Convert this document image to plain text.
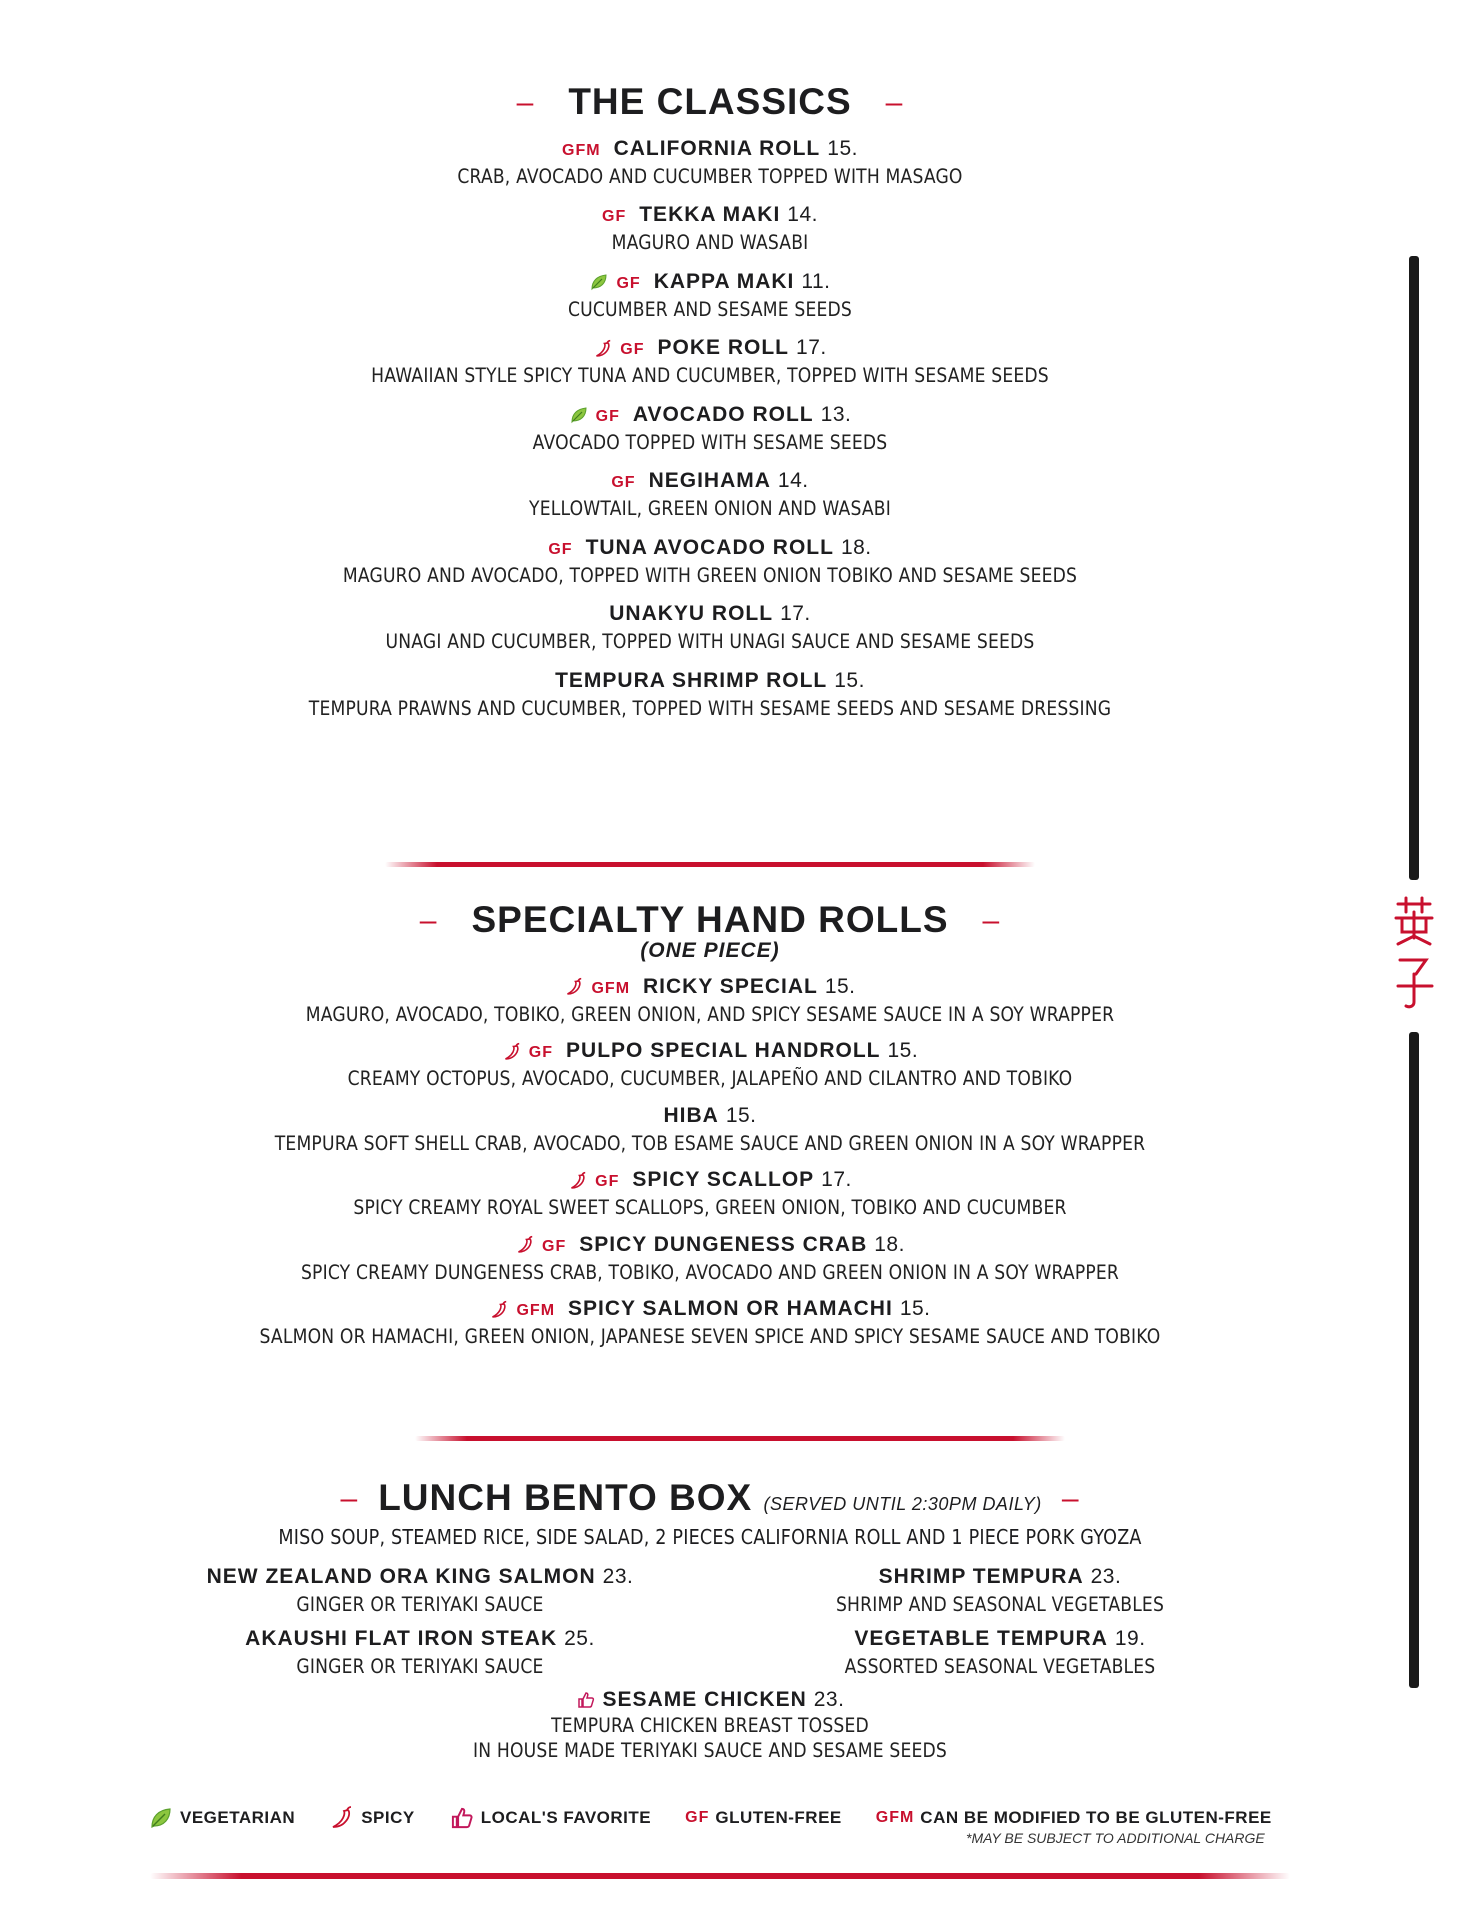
– THE CLASSICS –
GFM CALIFORNIA ROLL 15.
CRAB, AVOCADO AND CUCUMBER TOPPED WITH MASAGO
GF TEKKA MAKI 14.
MAGURO AND WASABI
GF KAPPA MAKI 11.
CUCUMBER AND SESAME SEEDS
GF POKE ROLL 17.
HAWAIIAN STYLE SPICY TUNA AND CUCUMBER, TOPPED WITH SESAME SEEDS
GF AVOCADO ROLL 13.
AVOCADO TOPPED WITH SESAME SEEDS
GF NEGIHAMA 14.
YELLOWTAIL, GREEN ONION AND WASABI
GF TUNA AVOCADO ROLL 18.
MAGURO AND AVOCADO, TOPPED WITH GREEN ONION TOBIKO AND SESAME SEEDS
UNAKYU ROLL 17.
UNAGI AND CUCUMBER, TOPPED WITH UNAGI SAUCE AND SESAME SEEDS
TEMPURA SHRIMP ROLL 15.
TEMPURA PRAWNS AND CUCUMBER, TOPPED WITH SESAME SEEDS AND SESAME DRESSING
– SPECIALTY HAND ROLLS –
(ONE PIECE)
GFM RICKY SPECIAL 15.
MAGURO, AVOCADO, TOBIKO, GREEN ONION, AND SPICY SESAME SAUCE IN A SOY WRAPPER
GF PULPO SPECIAL HANDROLL 15.
CREAMY OCTOPUS, AVOCADO, CUCUMBER, JALAPEÑO AND CILANTRO AND TOBIKO
HIBA 15.
TEMPURA SOFT SHELL CRAB, AVOCADO, TOB ESAME SAUCE AND GREEN ONION IN A SOY WRAPPER
GF SPICY SCALLOP 17.
SPICY CREAMY ROYAL SWEET SCALLOPS, GREEN ONION, TOBIKO AND CUCUMBER
GF SPICY DUNGENESS CRAB 18.
SPICY CREAMY DUNGENESS CRAB, TOBIKO, AVOCADO AND GREEN ONION IN A SOY WRAPPER
GFM SPICY SALMON OR HAMACHI 15.
SALMON OR HAMACHI, GREEN ONION, JAPANESE SEVEN SPICE AND SPICY SESAME SAUCE AND TOBIKO
– LUNCH BENTO BOX (SERVED UNTIL 2:30PM DAILY) –
MISO SOUP, STEAMED RICE, SIDE SALAD, 2 PIECES CALIFORNIA ROLL AND 1 PIECE PORK GYOZA
NEW ZEALAND ORA KING SALMON 23.
GINGER OR TERIYAKI SAUCE
AKAUSHI FLAT IRON STEAK 25.
GINGER OR TERIYAKI SAUCE
SHRIMP TEMPURA 23.
SHRIMP AND SEASONAL VEGETABLES
VEGETABLE TEMPURA 19.
ASSORTED SEASONAL VEGETABLES
SESAME CHICKEN 23.
TEMPURA CHICKEN BREAST TOSSED
IN HOUSE MADE TERIYAKI SAUCE AND SESAME SEEDS
VEGETARIAN	SPICY	LOCAL'S FAVORITE GF GLUTEN-FREE GFM CAN BE MODIFIED TO BE GLUTEN-FREE
*MAY BE SUBJECT TO ADDITIONAL CHARGE
